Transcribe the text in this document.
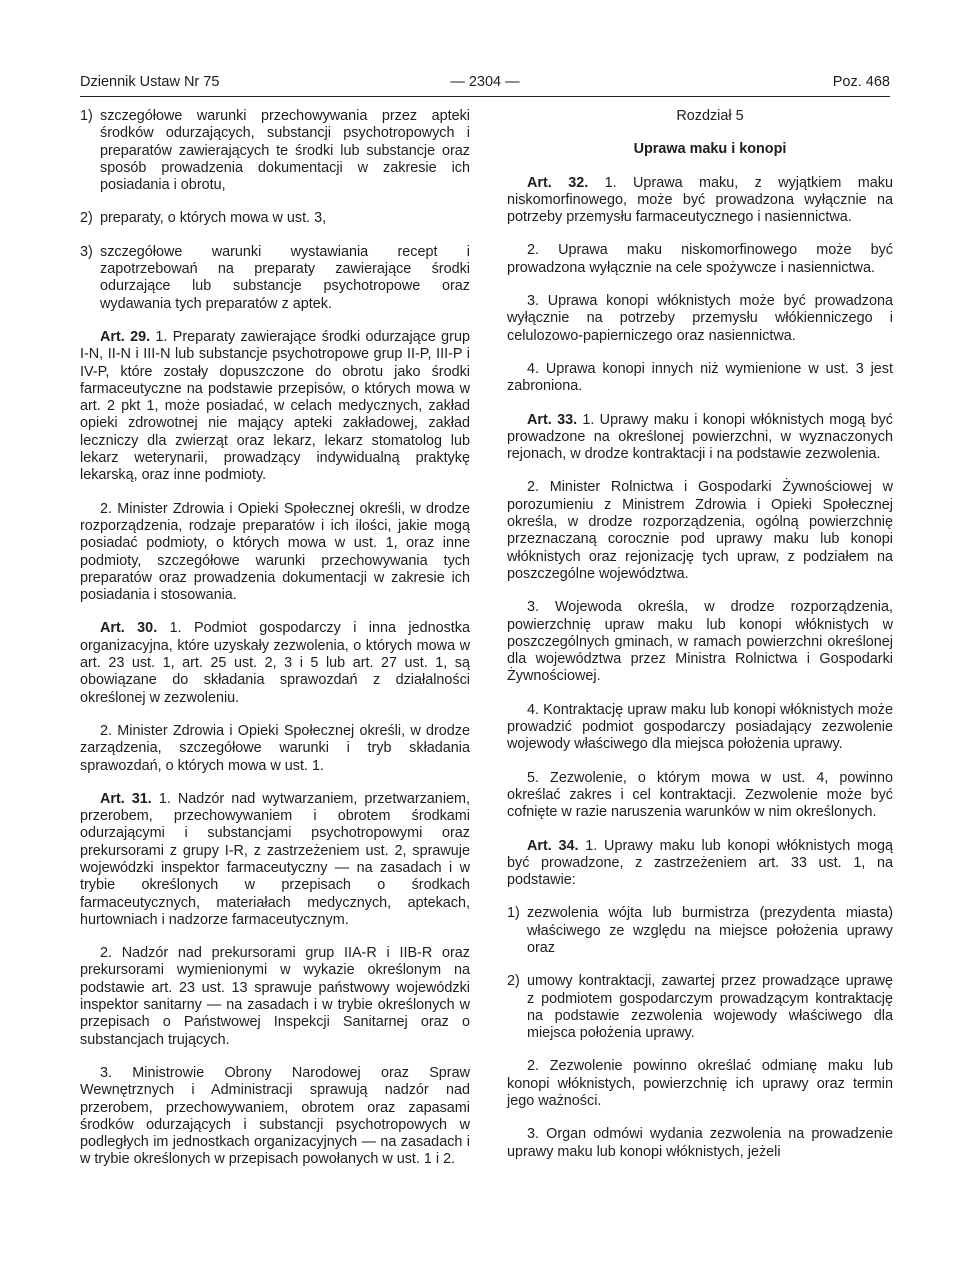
Dziennik Ustaw Nr 75	— 2304 —	Poz. 468
1) szczegółowe warunki przechowywania przez apteki środków odurzających, substancji psychotropowych i preparatów zawierających te środki lub substancje oraz sposób prowadzenia dokumentacji w zakresie ich posiadania i obrotu,
2) preparaty, o których mowa w ust. 3,
3) szczegółowe warunki wystawiania recept i zapotrzebowań na preparaty zawierające środki odurzające lub substancje psychotropowe oraz wydawania tych preparatów z aptek.

Art. 29. 1. Preparaty zawierające środki odurzające grup I-N, II-N i III-N lub substancje psychotropowe grup II-P, III-P i IV-P, które zostały dopuszczone do obrotu jako środki farmaceutyczne na podstawie przepisów, o których mowa w art. 2 pkt 1, może posiadać, w celach medycznych, zakład opieki zdrowotnej nie mający apteki zakładowej, zakład leczniczy dla zwierząt oraz lekarz, lekarz stomatolog lub lekarz weterynarii, prowadzący indywidualną praktykę lekarską, oraz inne podmioty.

2. Minister Zdrowia i Opieki Społecznej określi, w drodze rozporządzenia, rodzaje preparatów i ich ilości, jakie mogą posiadać podmioty, o których mowa w ust. 1, oraz inne podmioty, szczegółowe warunki przechowywania tych preparatów oraz prowadzenia dokumentacji w zakresie ich posiadania i stosowania.

Art. 30. 1. Podmiot gospodarczy i inna jednostka organizacyjna, które uzyskały zezwolenia, o których mowa w art. 23 ust. 1, art. 25 ust. 2, 3 i 5 lub art. 27 ust. 1, są obowiązane do składania sprawozdań z działalności określonej w zezwoleniu.

2. Minister Zdrowia i Opieki Społecznej określi, w drodze zarządzenia, szczegółowe warunki i tryb składania sprawozdań, o których mowa w ust. 1.

Art. 31. 1. Nadzór nad wytwarzaniem, przetwarzaniem, przerobem, przechowywaniem i obrotem środkami odurzającymi i substancjami psychotropowymi oraz prekursorami z grupy I-R, z zastrzeżeniem ust. 2, sprawuje wojewódzki inspektor farmaceutyczny — na zasadach i w trybie określonych w przepisach o środkach farmaceutycznych, materiałach medycznych, aptekach, hurtowniach i nadzorze farmaceutycznym.

2. Nadzór nad prekursorami grup IIA-R i IIB-R oraz prekursorami wymienionymi w wykazie określonym na podstawie art. 23 ust. 13 sprawuje państwowy wojewódzki inspektor sanitarny — na zasadach i w trybie określonych w przepisach o Państwowej Inspekcji Sanitarnej oraz o substancjach trujących.

3. Ministrowie Obrony Narodowej oraz Spraw Wewnętrznych i Administracji sprawują nadzór nad przerobem, przechowywaniem, obrotem oraz zapasami środków odurzających i substancji psychotropowych w podległych im jednostkach organizacyjnych — na zasadach i w trybie określonych w przepisach powołanych w ust. 1 i 2.

Rozdział 5

Uprawa maku i konopi

Art. 32. 1. Uprawa maku, z wyjątkiem maku niskomorfinowego, może być prowadzona wyłącznie na potrzeby przemysłu farmaceutycznego i nasiennictwa.

2. Uprawa maku niskomorfinowego może być prowadzona wyłącznie na cele spożywcze i nasiennictwa.

3. Uprawa konopi włóknistych może być prowadzona wyłącznie na potrzeby przemysłu włókienniczego i celulozowo-papierniczego oraz nasiennictwa.

4. Uprawa konopi innych niż wymienione w ust. 3 jest zabroniona.

Art. 33. 1. Uprawy maku i konopi włóknistych mogą być prowadzone na określonej powierzchni, w wyznaczonych rejonach, w drodze kontraktacji i na podstawie zezwolenia.

2. Minister Rolnictwa i Gospodarki Żywnościowej w porozumieniu z Ministrem Zdrowia i Opieki Społecznej określa, w drodze rozporządzenia, ogólną powierzchnię przeznaczaną corocznie pod uprawy maku lub konopi włóknistych oraz rejonizację tych upraw, z podziałem na poszczególne województwa.

3. Wojewoda określa, w drodze rozporządzenia, powierzchnię upraw maku lub konopi włóknistych w poszczególnych gminach, w ramach powierzchni określonej dla województwa przez Ministra Rolnictwa i Gospodarki Żywnościowej.

4. Kontraktację upraw maku lub konopi włóknistych może prowadzić podmiot gospodarczy posiadający zezwolenie wojewody właściwego dla miejsca położenia uprawy.

5. Zezwolenie, o którym mowa w ust. 4, powinno określać zakres i cel kontraktacji. Zezwolenie może być cofnięte w razie naruszenia warunków w nim określonych.

Art. 34. 1. Uprawy maku lub konopi włóknistych mogą być prowadzone, z zastrzeżeniem art. 33 ust. 1, na podstawie:

1) zezwolenia wójta lub burmistrza (prezydenta miasta) właściwego ze względu na miejsce położenia uprawy oraz
2) umowy kontraktacji, zawartej przez prowadzące uprawę z podmiotem gospodarczym prowadzącym kontraktację na podstawie zezwolenia wojewody właściwego dla miejsca położenia uprawy.

2. Zezwolenie powinno określać odmianę maku lub konopi włóknistych, powierzchnię ich uprawy oraz termin jego ważności.

3. Organ odmówi wydania zezwolenia na prowadzenie uprawy maku lub konopi włóknistych, jeżeli
